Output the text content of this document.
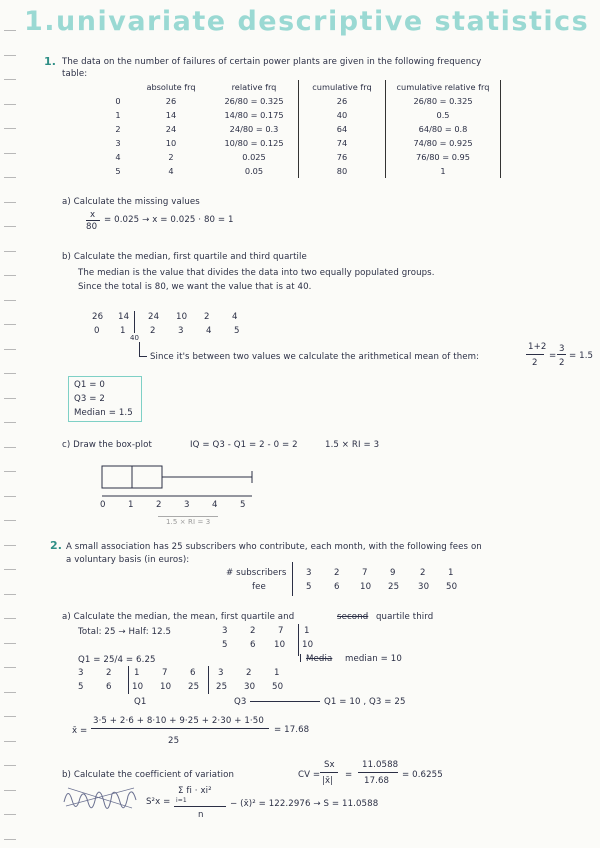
1.univariate descriptive statistics
1. The data on the number of failures of certain power plants are given in the following frequency
table:
	absolute frq	relative frq	cumulative frq	cumulative relative frq
0	26	26/80 = 0.325	26	26/80 = 0.325
1	14	14/80 = 0.175	40	0.5
2	24	24/80 = 0.3	64	64/80 = 0.8
3	10	10/80 = 0.125	74	74/80 = 0.925
4	2	0.025	76	76/80 = 0.95
5	4	0.05	80	1
a) Calculate the missing values
x
80
= 0.025 → x = 0.025 · 80 = 1
b) Calculate the median, first quartile and third quartile
The median is the value that divides the data into two equally populated groups.
Since the total is 80, we want the value that is at 40.
26 14 24 10 2	4
0 1	2	3	4	5
40
Since it's between two values we calculate the arithmetical mean of them:
1+2
2
=
3
2
= 1.5
Q1 = 0
Q3 = 2
Median = 1.5
c) Draw the box-plot	IQ = Q3 - Q1 = 2 - 0 = 2	1.5 × RI = 3
0	1	2	3	4	5
1.5 × RI = 3
2. A small association has 25 subscribers who contribute, each month, with the following fees on
a voluntary basis (in euros):
# subscribers
fee
3	2	7	9	2	1
5	6 10 25 30 50
a) Calculate the median, the mean, first quartile and	second quartile third
Total: 25 → Half: 12.5	3	2	7 1
5	6 10 10
Media median = 10
Q1 = 25/4 = 6.25
3	2	1	7	6	3	2	1
5	6 10 10 25 25 30 50
Q1	Q3	Q1 = 10 , Q3 = 25
x̄ =
3·5 + 2·6 + 8·10 + 9·25 + 2·30 + 1·50
25
= 17.68
b) Calculate the coefficient of variation	CV =
Sx
|x̄|
=
11.0588
17.68
= 0.6255
S²x =
Σ fi · xi²
i=1
n
− (x̄)² = 122.2976 → S = 11.0588
